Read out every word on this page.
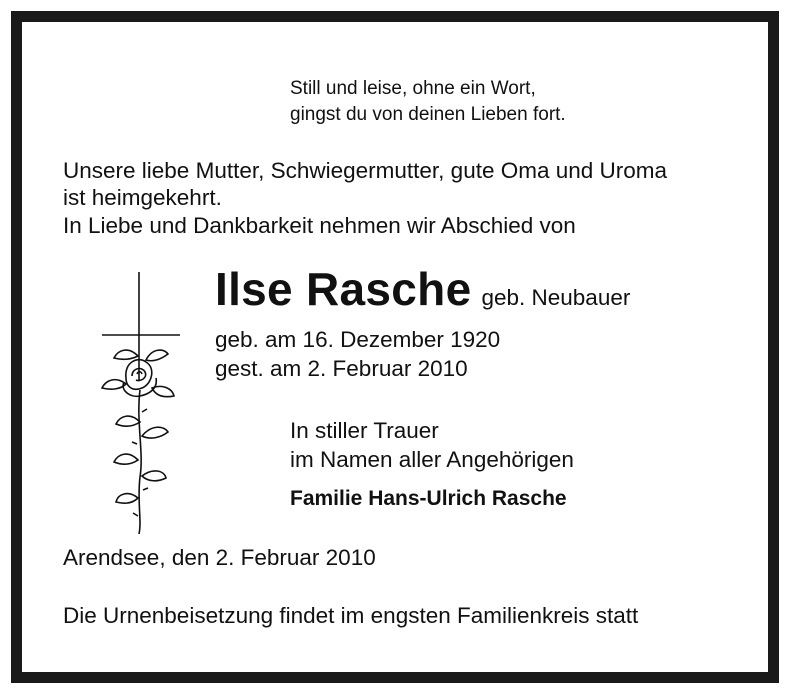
Still und leise, ohne ein Wort,
gingst du von deinen Lieben fort.
Unsere liebe Mutter, Schwiegermutter, gute Oma und Uroma
ist heimgekehrt.
In Liebe und Dankbarkeit nehmen wir Abschied von
Ilse Rasche geb. Neubauer
geb. am 16. Dezember 1920
gest. am 2. Februar 2010
In stiller Trauer
im Namen aller Angehörigen
Familie Hans-Ulrich Rasche
Arendsee, den 2. Februar 2010
Die Urnenbeisetzung findet im engsten Familienkreis statt
